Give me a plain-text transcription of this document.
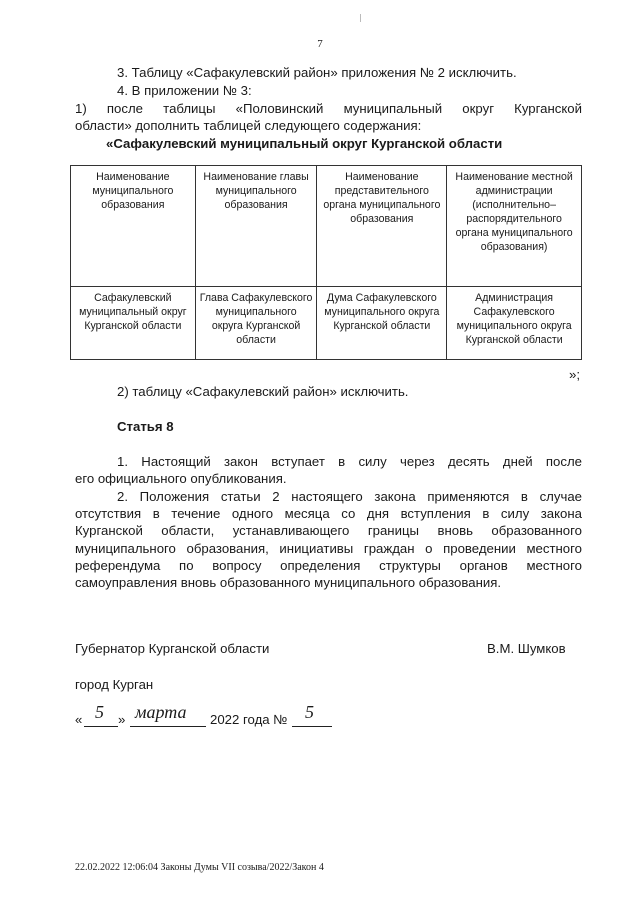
7
3. Таблицу «Сафакулевский район» приложения № 2 исключить.
4. В приложении № 3:
1) после таблицы «Половинский муниципальный округ Курганской
области» дополнить таблицей следующего содержания:
«Сафакулевский муниципальный округ Курганской области
Наименование муниципального образования	Наименование главы муниципального образования	Наименование представительного органа муниципального образования	Наименование местной администрации (исполнительно–распорядительного органа муниципального образования)
Сафакулевский муниципальный округ Курганской области	Глава Сафакулевского муниципального округа Курганской области	Дума Сафакулевского муниципального округа Курганской области	Администрация Сафакулевского муниципального округа Курганской области
»;
2) таблицу «Сафакулевский район» исключить.
Статья 8
1. Настоящий закон вступает в силу через десять дней после
его официального опубликования.
2. Положения статьи 2 настоящего закона применяются в случае
отсутствия в течение одного месяца со дня вступления в силу закона
Курганской области, устанавливающего границы вновь образованного
муниципального образования, инициативы граждан о проведении местного
референдума по вопросу определения структуры органов местного
самоуправления вновь образованного муниципального образования.
Губернатор Курганской области	В.М. Шумков
город Курган
« 5 » марта 2022 года № 5
22.02.2022 12:06:04 Законы Думы VII созыва/2022/Закон 4
